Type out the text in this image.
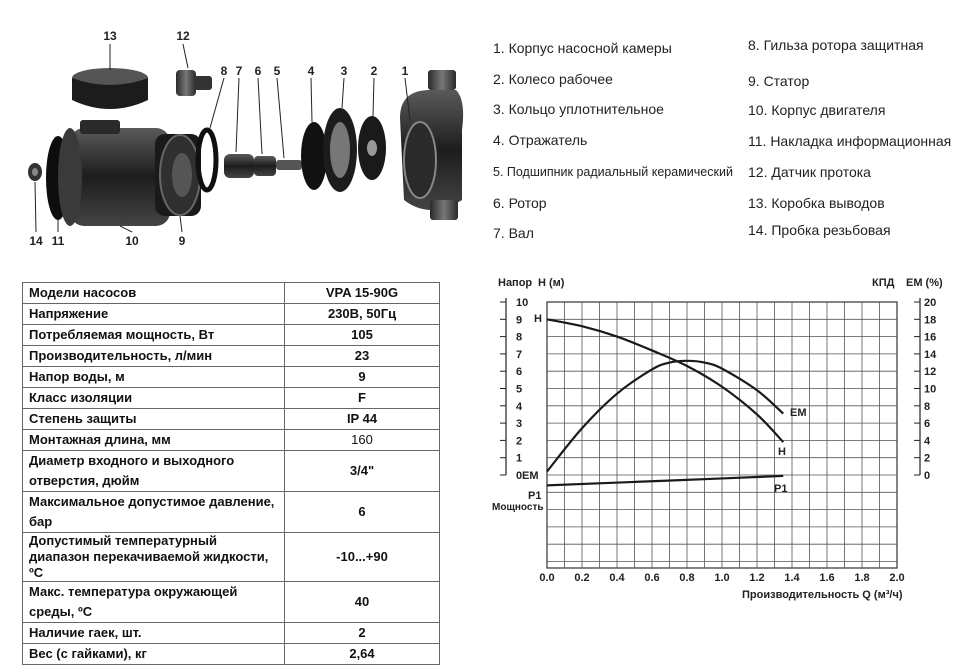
13	12
8 7 6 5 4 3 2 1
14 11	10	9
1. Корпус насосной камеры
2. Колесо рабочее
3. Кольцо уплотнительное
4. Отражатель
5. Подшипник радиальный керамический
6. Ротор
7. Вал
8. Гильза ротора защитная
9. Статор
10. Корпус двигателя
11. Накладка информационная
12. Датчик протока
13. Коробка выводов
14. Пробка резьбовая
Модели насосов	VPA 15-90G
Напряжение	230В, 50Гц
Потребляемая мощность, Вт	105
Производительность, л/мин	23
Напор воды, м	9
Класс изоляции	F
Степень защиты	IP 44
Монтажная длина, мм	160
Диаметр входного и выходного отверстия, дюйм	3/4"
Максимальное допустимое давление, бар	6
Допустимый температурный диапазон перекачиваемой жидкости, ºС	-10...+90
Макс. температура окружающей среды, ºС	40
Наличие гаек, шт.	2
Вес (с гайками), кг	2,64
0
1
2
3
4
5
6
7
8
9
10
0
2
4
6
8
10
12
14
16
18
20
0.0 0.2 0.4 0.6 0.8 1.0 1.2 1.4 1.6 1.8 2.0
Напор H (м)	КПД EM (%)
Мощность
Производительность Q (м³/ч)
H
EM
P1
H
EM
P1
